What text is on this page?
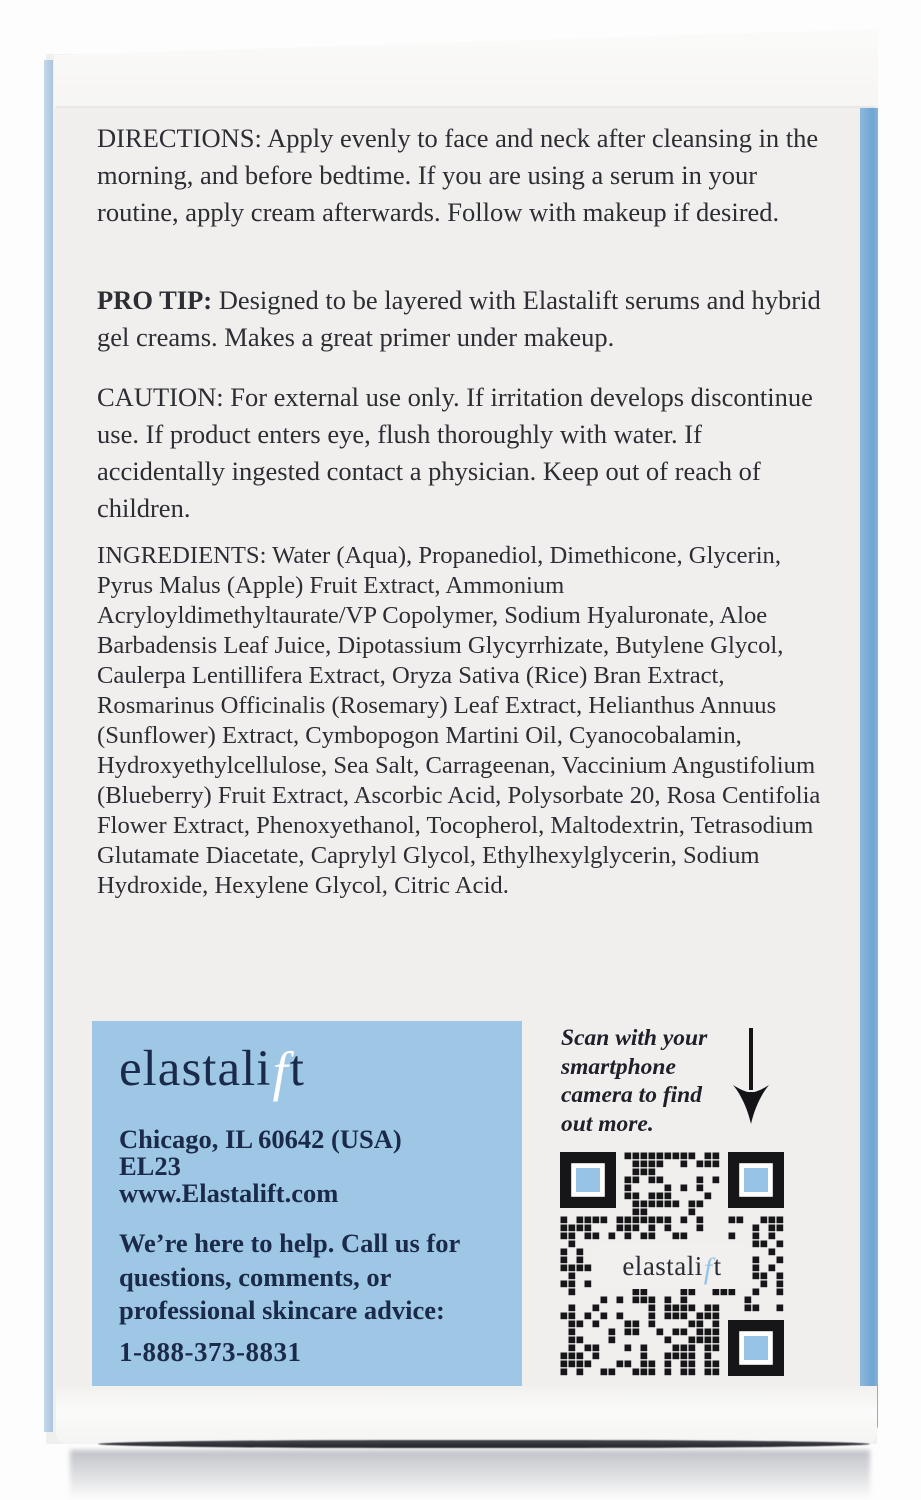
DIRECTIONS: Apply evenly to face and neck after cleansing in the morning, and before bedtime. If you are using a serum in your routine, apply cream afterwards. Follow with makeup if desired.

PRO TIP: Designed to be layered with Elastalift serums and hybrid gel creams. Makes a great primer under makeup.

CAUTION: For external use only. If irritation develops discontinue use. If product enters eye, flush thoroughly with water. If accidentally ingested contact a physician. Keep out of reach of children.

INGREDIENTS: Water (Aqua), Propanediol, Dimethicone, Glycerin, Pyrus Malus (Apple) Fruit Extract, Ammonium Acryloyldimethyltaurate/VP Copolymer, Sodium Hyaluronate, Aloe Barbadensis Leaf Juice, Dipotassium Glycyrrhizate, Butylene Glycol, Caulerpa Lentillifera Extract, Oryza Sativa (Rice) Bran Extract, Rosmarinus Officinalis (Rosemary) Leaf Extract, Helianthus Annuus (Sunflower) Extract, Cymbopogon Martini Oil, Cyanocobalamin, Hydroxyethylcellulose, Sea Salt, Carrageenan, Vaccinium Angustifolium (Blueberry) Fruit Extract, Ascorbic Acid, Polysorbate 20, Rosa Centifolia Flower Extract, Phenoxyethanol, Tocopherol, Maltodextrin, Tetrasodium Glutamate Diacetate, Caprylyl Glycol, Ethylhexylglycerin, Sodium Hydroxide, Hexylene Glycol, Citric Acid.

elastalift
Chicago, IL 60642 (USA)
EL23
www.Elastalift.com
We’re here to help. Call us for questions, comments, or professional skincare advice:
1-888-373-8831
Scan with your smartphone camera to find out more.
elastali f t
